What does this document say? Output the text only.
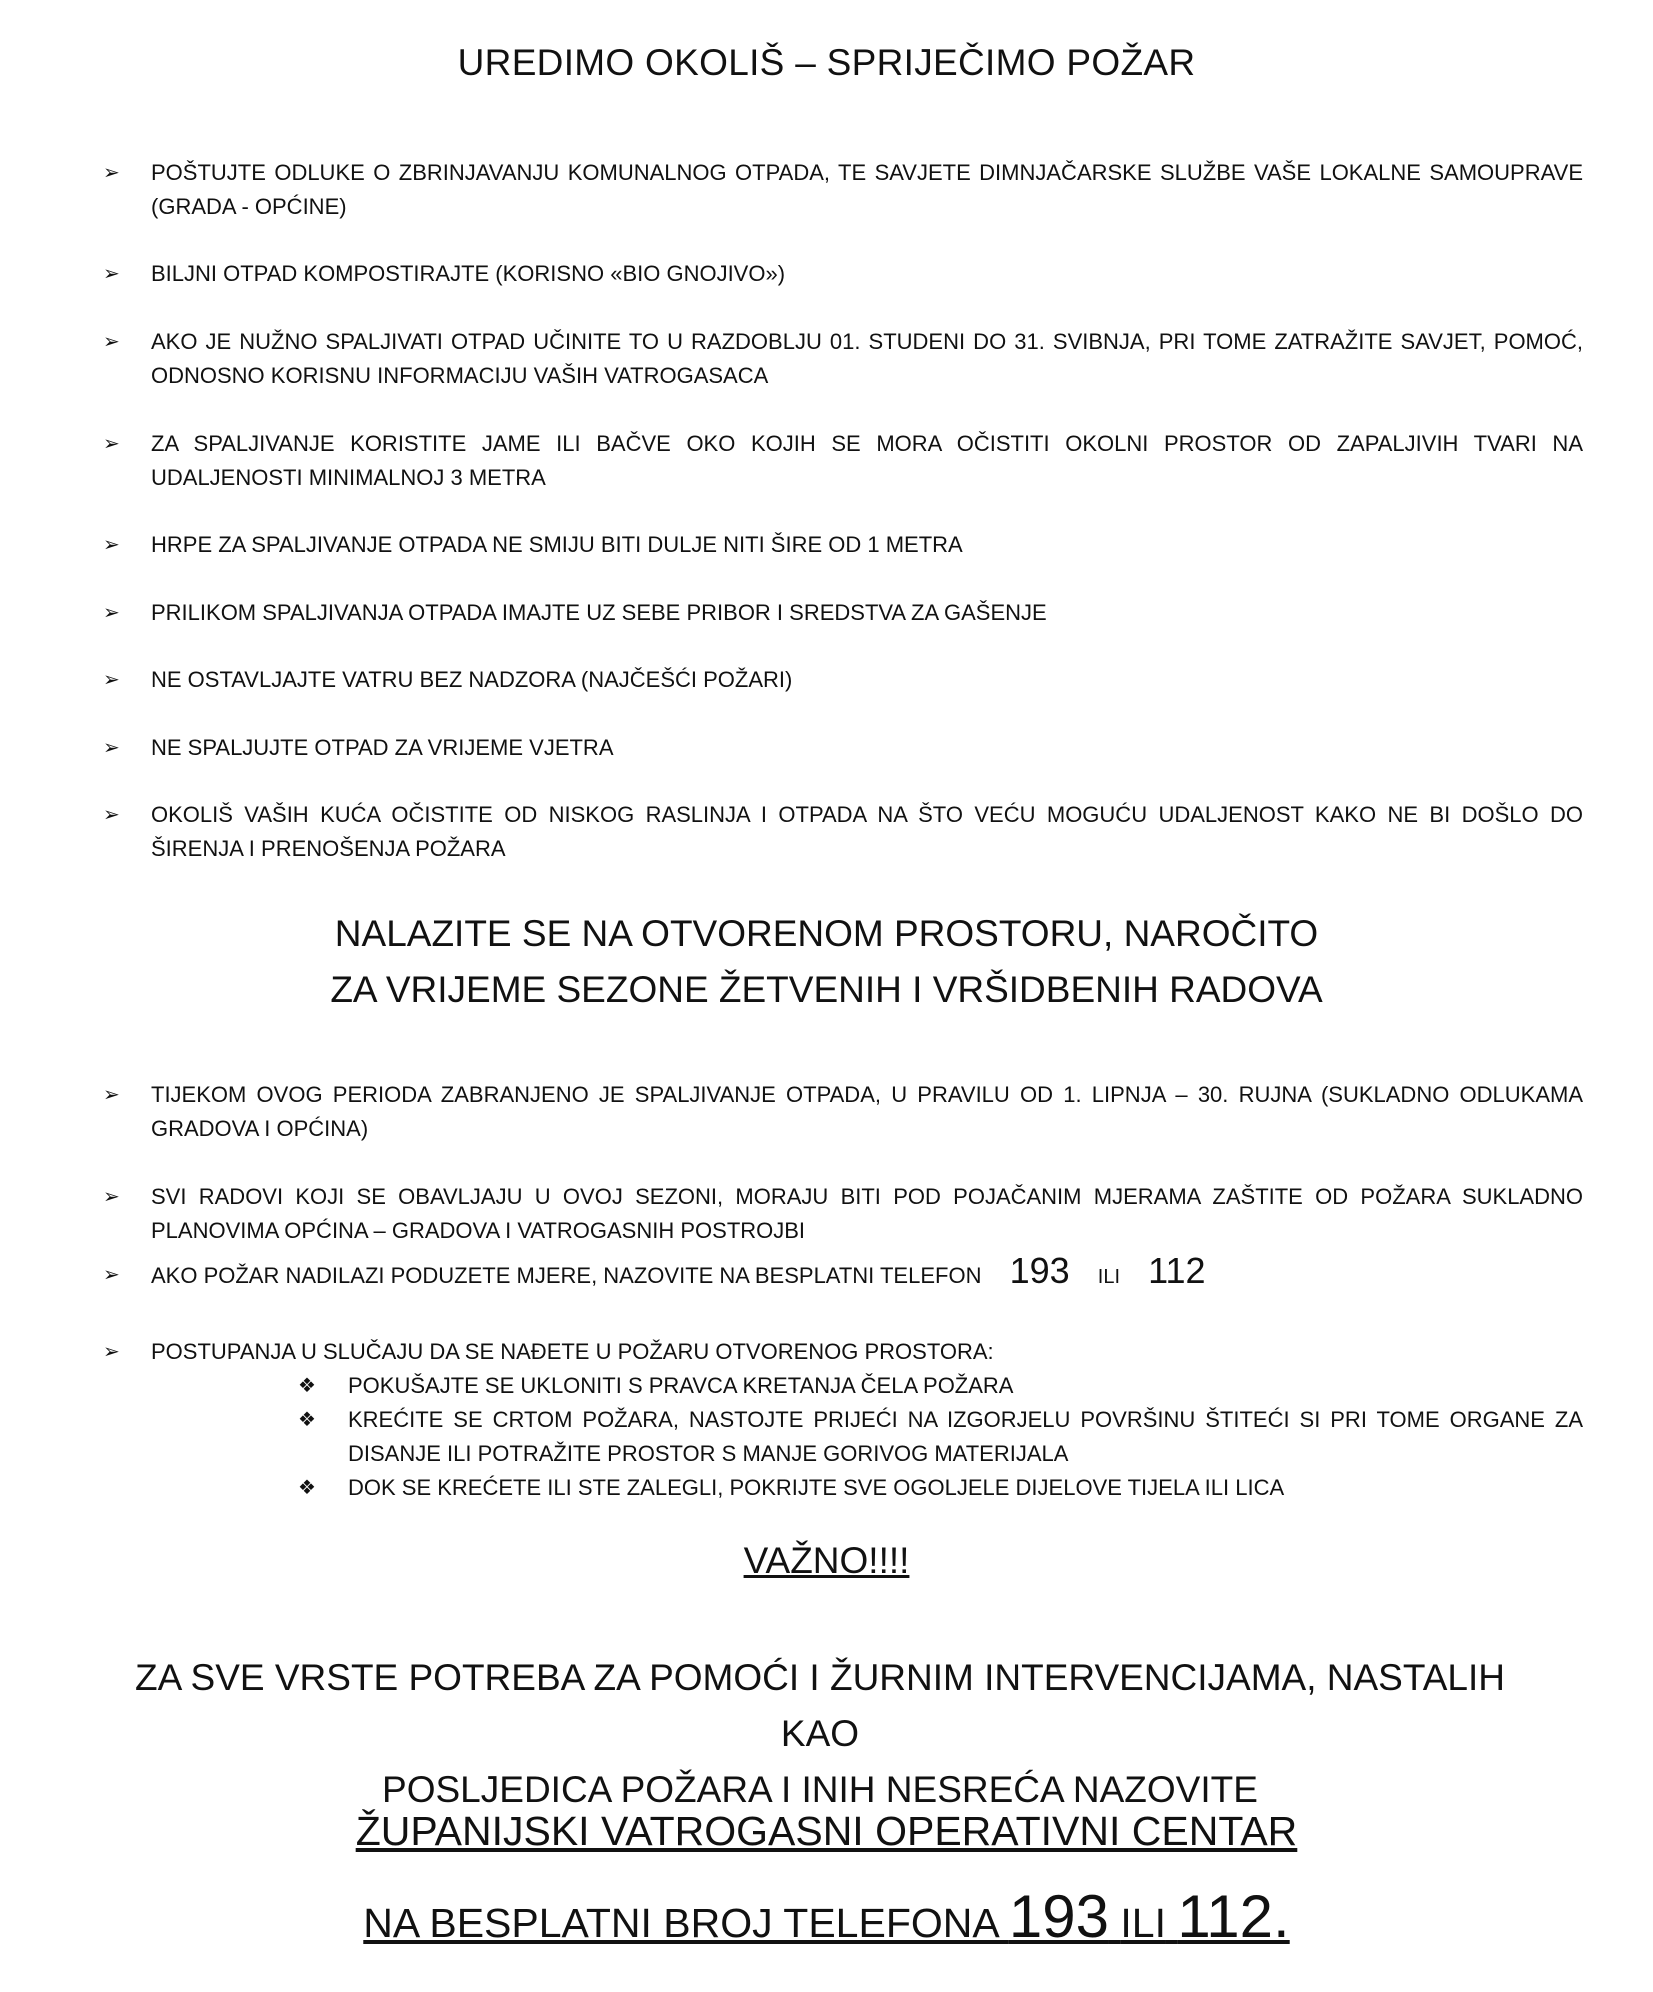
UREDIMO OKOLIŠ – SPRIJEČIMO POŽAR
➢ POŠTUJTE ODLUKE O ZBRINJAVANJU KOMUNALNOG OTPADA, TE SAVJETE DIMNJAČARSKE SLUŽBE VAŠE LOKALNE SAMOUPRAVE (GRADA - OPĆINE)
➢ BILJNI OTPAD KOMPOSTIRAJTE (KORISNO «BIO GNOJIVO»)
➢ AKO JE NUŽNO SPALJIVATI OTPAD UČINITE TO U RAZDOBLJU 01. STUDENI DO 31. SVIBNJA, PRI TOME ZATRAŽITE SAVJET, POMOĆ, ODNOSNO KORISNU INFORMACIJU VAŠIH VATROGASACA
➢ ZA SPALJIVANJE KORISTITE JAME ILI BAČVE OKO KOJIH SE MORA OČISTITI OKOLNI PROSTOR OD ZAPALJIVIH TVARI NA UDALJENOSTI MINIMALNOJ 3 METRA
➢ HRPE ZA SPALJIVANJE OTPADA NE SMIJU BITI DULJE NITI ŠIRE OD 1 METRA
➢ PRILIKOM SPALJIVANJA OTPADA IMAJTE UZ SEBE PRIBOR I SREDSTVA ZA GAŠENJE
➢ NE OSTAVLJAJTE VATRU BEZ NADZORA (NAJČEŠĆI POŽARI)
➢ NE SPALJUJTE OTPAD ZA VRIJEME VJETRA
➢ OKOLIŠ VAŠIH KUĆA OČISTITE OD NISKOG RASLINJA I OTPADA NA ŠTO VEĆU MOGUĆU UDALJENOST KAKO NE BI DOŠLO DO ŠIRENJA I PRENOŠENJA POŽARA
NALAZITE SE NA OTVORENOM PROSTORU, NAROČITO
ZA VRIJEME SEZONE ŽETVENIH I VRŠIDBENIH RADOVA
➢ TIJEKOM OVOG PERIODA ZABRANJENO JE SPALJIVANJE OTPADA, U PRAVILU OD 1. LIPNJA – 30. RUJNA (SUKLADNO ODLUKAMA GRADOVA I OPĆINA)
➢ SVI RADOVI KOJI SE OBAVLJAJU U OVOJ SEZONI, MORAJU BITI POD POJAČANIM MJERAMA ZAŠTITE OD POŽARA SUKLADNO PLANOVIMA OPĆINA – GRADOVA I VATROGASNIH POSTROJBI
➢ AKO POŽAR NADILAZI PODUZETE MJERE, NAZOVITE NA BESPLATNI TELEFON 193 ILI 112
➢ POSTUPANJA U SLUČAJU DA SE NAĐETE U POŽARU OTVORENOG PROSTORA:
❖ POKUŠAJTE SE UKLONITI S PRAVCA KRETANJA ČELA POŽARA
❖ KREĆITE SE CRTOM POŽARA, NASTOJTE PRIJEĆI NA IZGORJELU POVRŠINU ŠTITEĆI SI PRI TOME ORGANE ZA DISANJE ILI POTRAŽITE PROSTOR S MANJE GORIVOG MATERIJALA
❖ DOK SE KREĆETE ILI STE ZALEGLI, POKRIJTE SVE OGOLJELE DIJELOVE TIJELA ILI LICA
VAŽNO!!!!
ZA SVE VRSTE POTREBA ZA POMOĆI I ŽURNIM INTERVENCIJAMA, NASTALIH KAO
POSLJEDICA POŽARA I INIH NESREĆA NAZOVITE
ŽUPANIJSKI VATROGASNI OPERATIVNI CENTAR
NA BESPLATNI BROJ TELEFONA 193 ILI 112.
